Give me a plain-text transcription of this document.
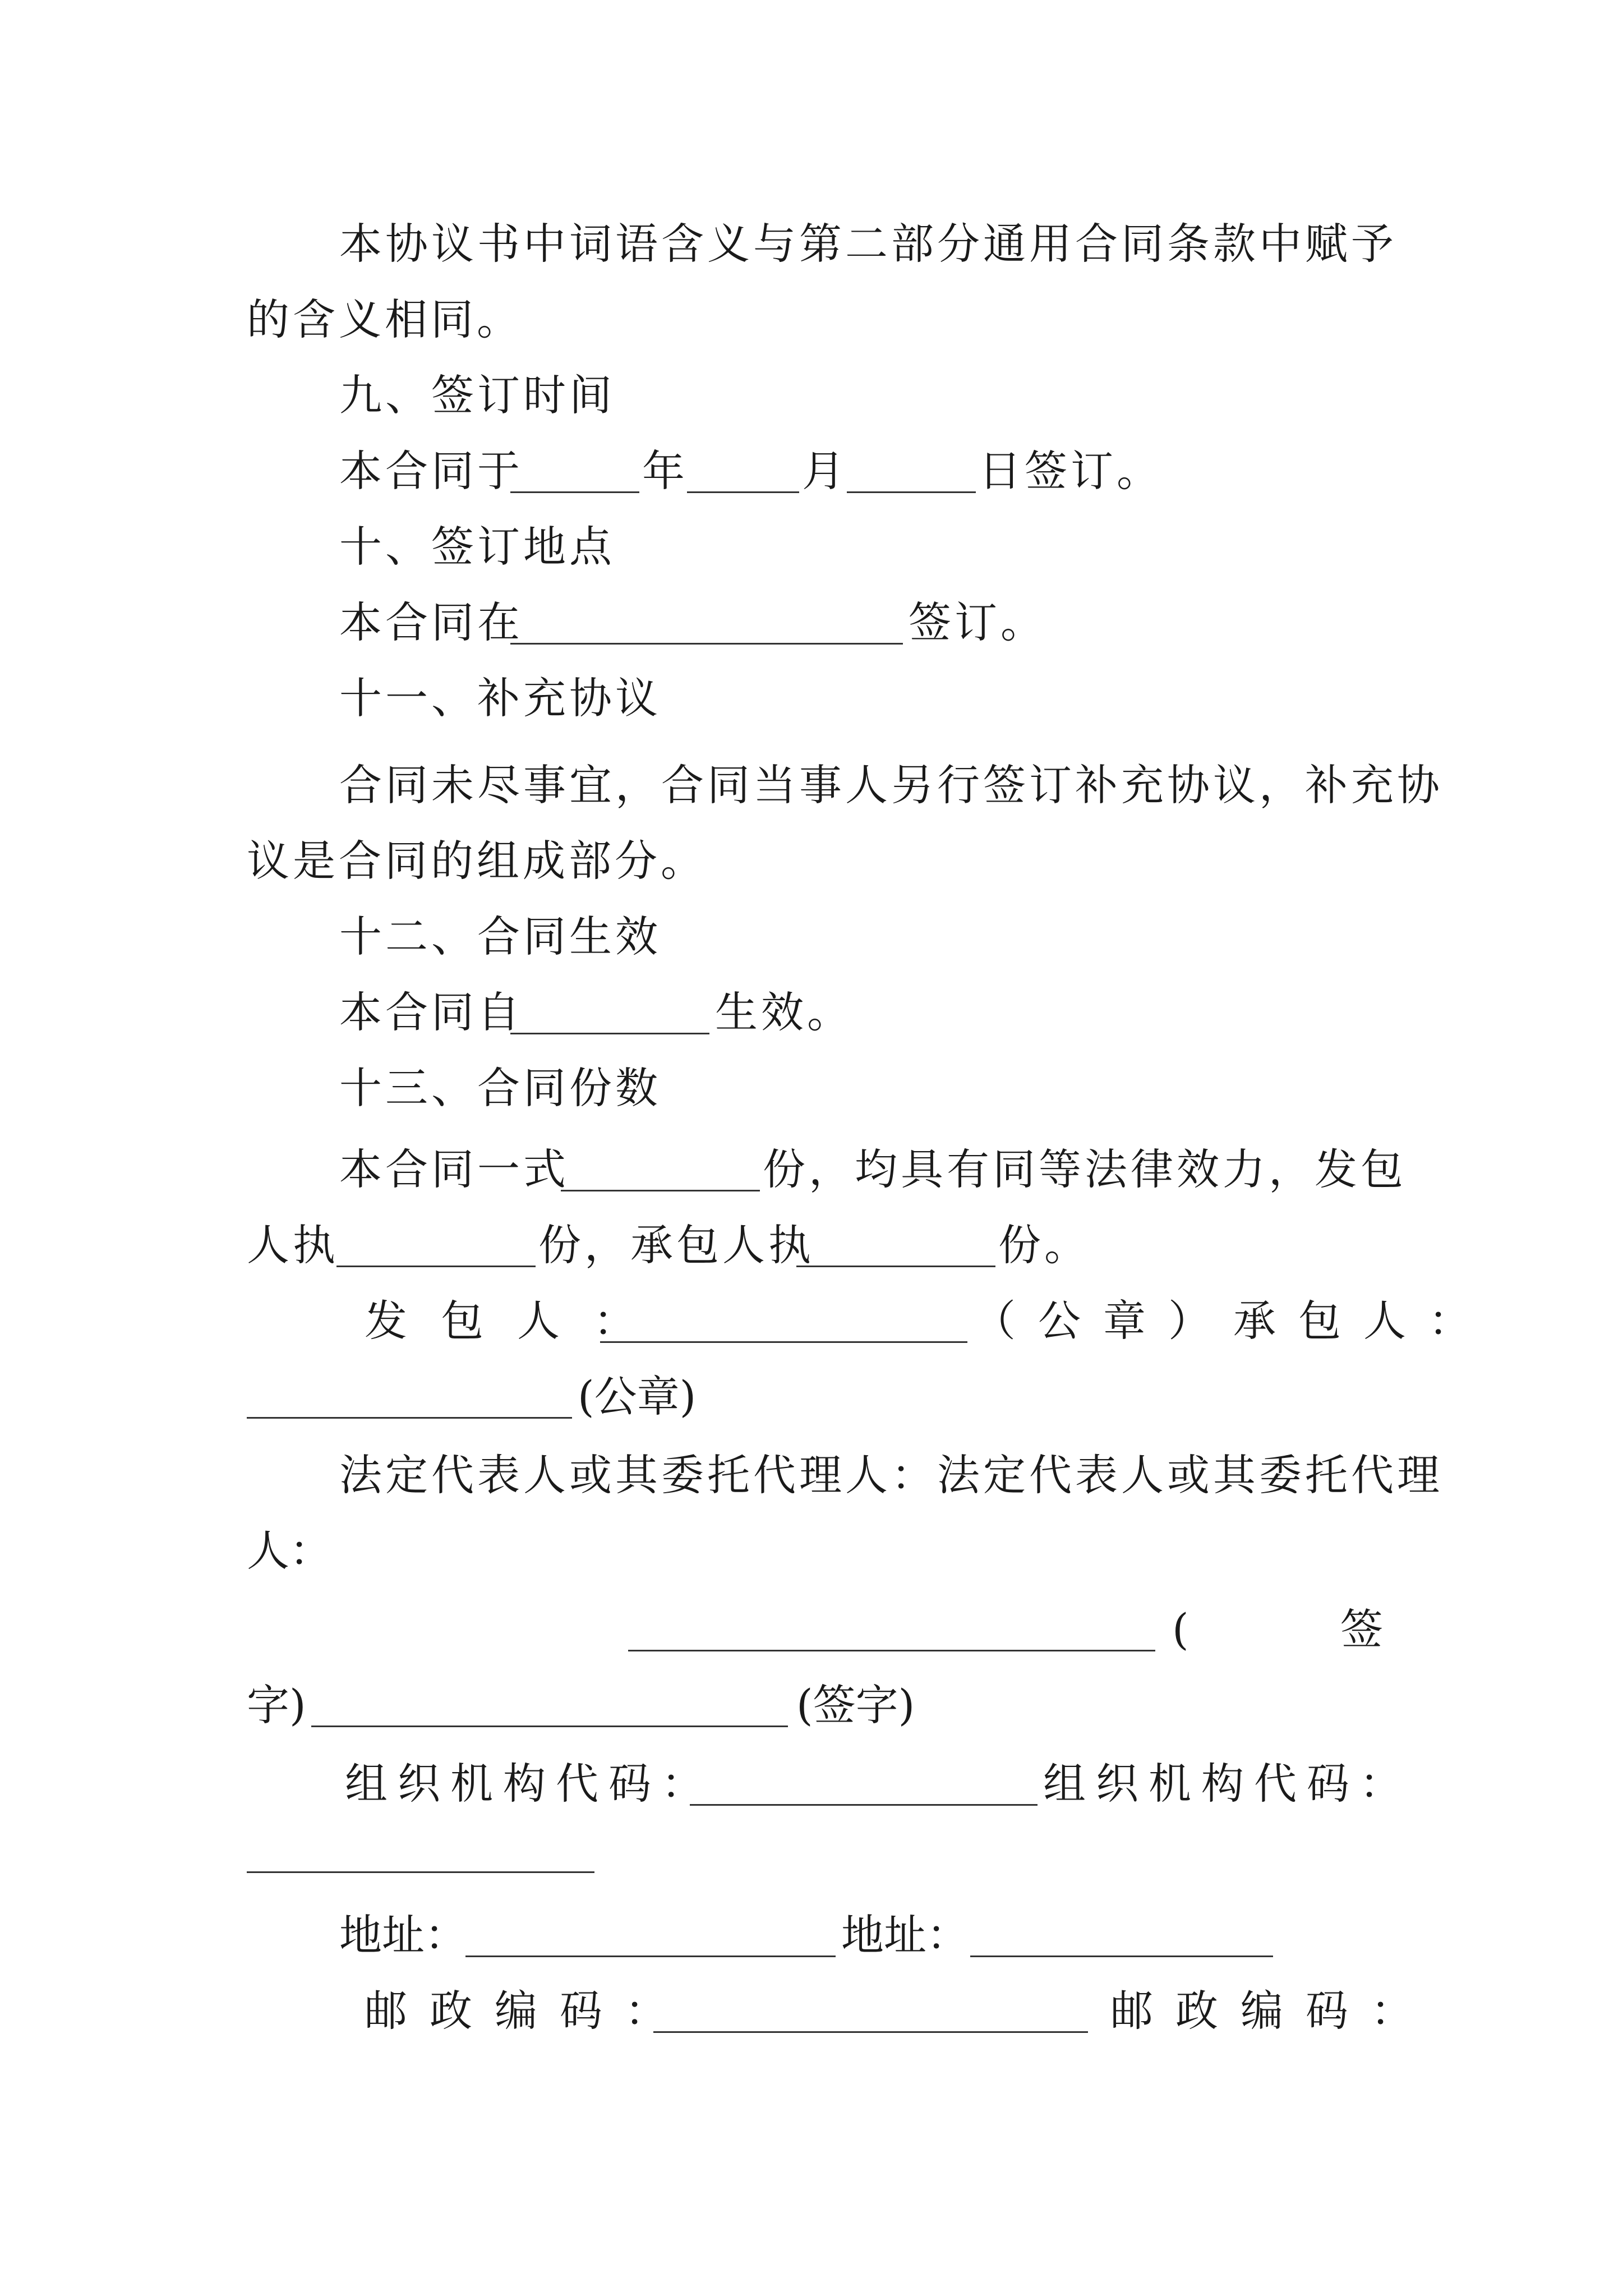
本协议书中词语含义与第二部分通用合同条款中赋予
的含义相同。
九、签订时间
本合同于	年	月	日签订。
十、签订地点
本合同在	签订。
十一、补充协议
合同未尽事宜，合同当事人另行签订补充协议，补充协
议是合同的组成部分。
十二、合同生效
本合同自	生效。
十三、合同份数
本合同一式	份，均具有同等法律效力，发包
人执	份，承包人执	份。
发包人：	（公章）承包人：
(公章)
法定代表人或其委托代理人：法定代表人或其委托代理
人：
(	签
字)	(签字)
组织机构代码：	组织机构代码：
地址：	地址：
邮政编码：	邮政编码：
